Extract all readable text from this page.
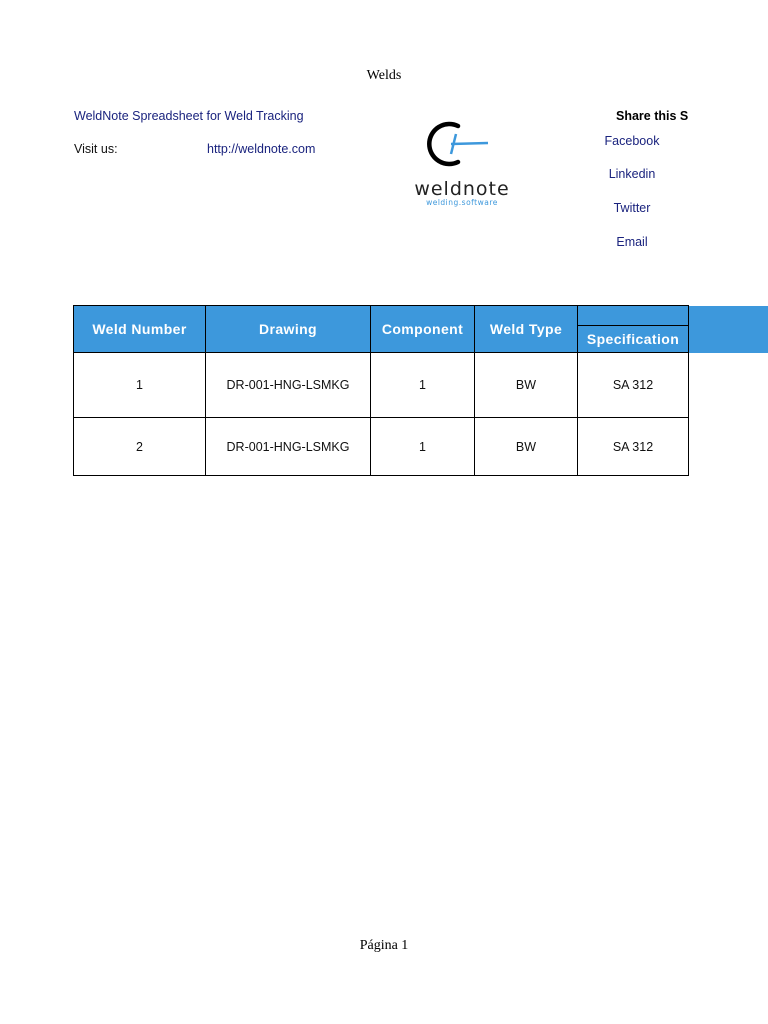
Welds
WeldNote Spreadsheet for Weld Tracking
Visit us:	http://weldnote.com
weldnote
welding.software
Share this S
Facebook
Linkedin
Twitter
Email
Weld Number	Drawing	Component	Weld Type	Specification

1	DR-001-HNG-LSMKG	1	BW	SA 312
2	DR-001-HNG-LSMKG	1	BW	SA 312
Página 1
